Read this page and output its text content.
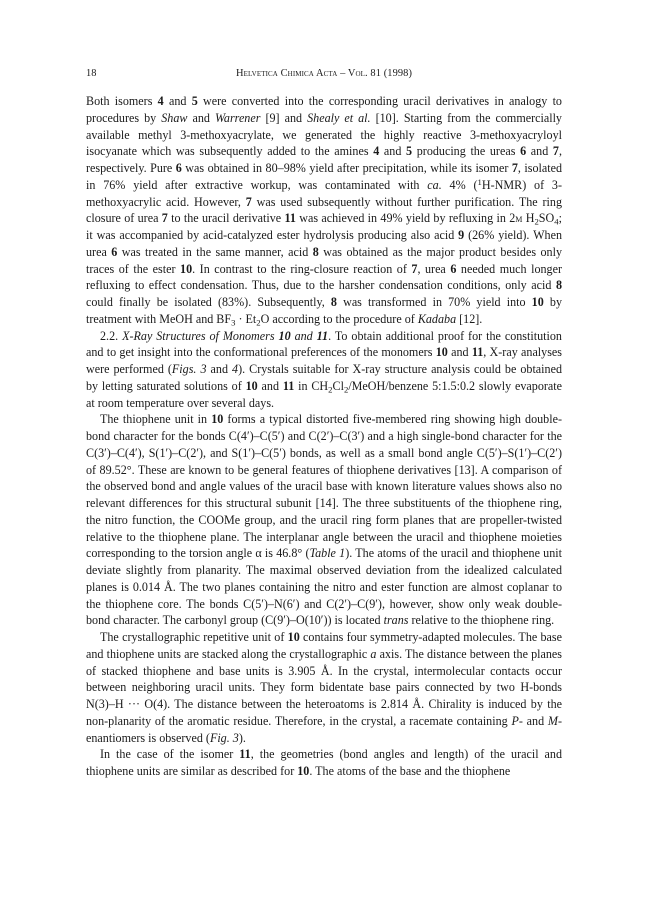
18	Helvetica Chimica Acta – Vol. 81 (1998)

Both isomers 4 and 5 were converted into the corresponding uracil derivatives in analogy to procedures by Shaw and Warrener [9] and Shealy et al. [10]. Starting from the commercially available methyl 3-methoxyacrylate, we generated the highly reactive 3-methoxyacryloyl isocyanate which was subsequently added to the amines 4 and 5 producing the ureas 6 and 7, respectively. Pure 6 was obtained in 80–98% yield after precipitation, while its isomer 7, isolated in 76% yield after extractive workup, was contaminated with ca. 4% ($^1$H-NMR) of 3-methoxyacrylic acid. However, 7 was used subsequently without further purification. The ring closure of urea 7 to the uracil derivative 11 was achieved in 49% yield by refluxing in 2m $H_2SO_4$; it was accompanied by acid-catalyzed ester hydrolysis producing also acid 9 (26% yield). When urea 6 was treated in the same manner, acid 8 was obtained as the major product besides only traces of the ester 10. In contrast to the ring-closure reaction of 7, urea 6 needed much longer refluxing to effect condensation. Thus, due to the harsher condensation conditions, only acid 8 could finally be isolated (83%). Subsequently, 8 was transformed in 70% yield into 10 by treatment with MeOH and $BF_3 \cdot Et_2O$ according to the procedure of Kadaba [12].

2.2. X-Ray Structures of Monomers 10 and 11. To obtain additional proof for the constitution and to get insight into the conformational preferences of the monomers 10 and 11, X-ray analyses were performed (Figs. 3 and 4). Crystals suitable for X-ray structure analysis could be obtained by letting saturated solutions of 10 and 11 in $CH_2Cl_2/MeOH$/benzene 5:1.5:0.2 slowly evaporate at room temperature over several days.

The thiophene unit in 10 forms a typical distorted five-membered ring showing high double-bond character for the bonds C(4′)–C(5′) and C(2′)–C(3′) and a high single-bond character for the C(3′)–C(4′), S(1′)–C(2′), and S(1′)–C(5′) bonds, as well as a small bond angle C(5′)–S(1′)–C(2′) of 89.52°. These are known to be general features of thiophene derivatives [13]. A comparison of the observed bond and angle values of the uracil base with known literature values shows also no relevant differences for this structural subunit [14]. The three substituents of the thiophene ring, the nitro function, the COOMe group, and the uracil ring form planes that are propeller-twisted relative to the thiophene plane. The interplanar angle between the uracil and thiophene moieties corresponding to the torsion angle α is 46.8° (Table 1). The atoms of the uracil and thiophene unit deviate slightly from planarity. The maximal observed deviation from the idealized calculated planes is 0.014 Å. The two planes containing the nitro and ester function are almost coplanar to the thiophene core. The bonds C(5′)–N(6′) and C(2′)–C(9′), however, show only weak double-bond character. The carbonyl group (C(9′)–O(10′)) is located trans relative to the thiophene ring.

The crystallographic repetitive unit of 10 contains four symmetry-adapted molecules. The base and thiophene units are stacked along the crystallographic a axis. The distance between the planes of stacked thiophene and base units is 3.905 Å. In the crystal, intermolecular contacts occur between neighboring uracil units. They form bidentate base pairs connected by two H-bonds N(3)–H ··· O(4). The distance between the heteroatoms is 2.814 Å. Chirality is induced by the non-planarity of the aromatic residue. Therefore, in the crystal, a racemate containing P- and M-enantiomers is observed (Fig. 3).

In the case of the isomer 11, the geometries (bond angles and length) of the uracil and thiophene units are similar as described for 10. The atoms of the base and the thiophene
